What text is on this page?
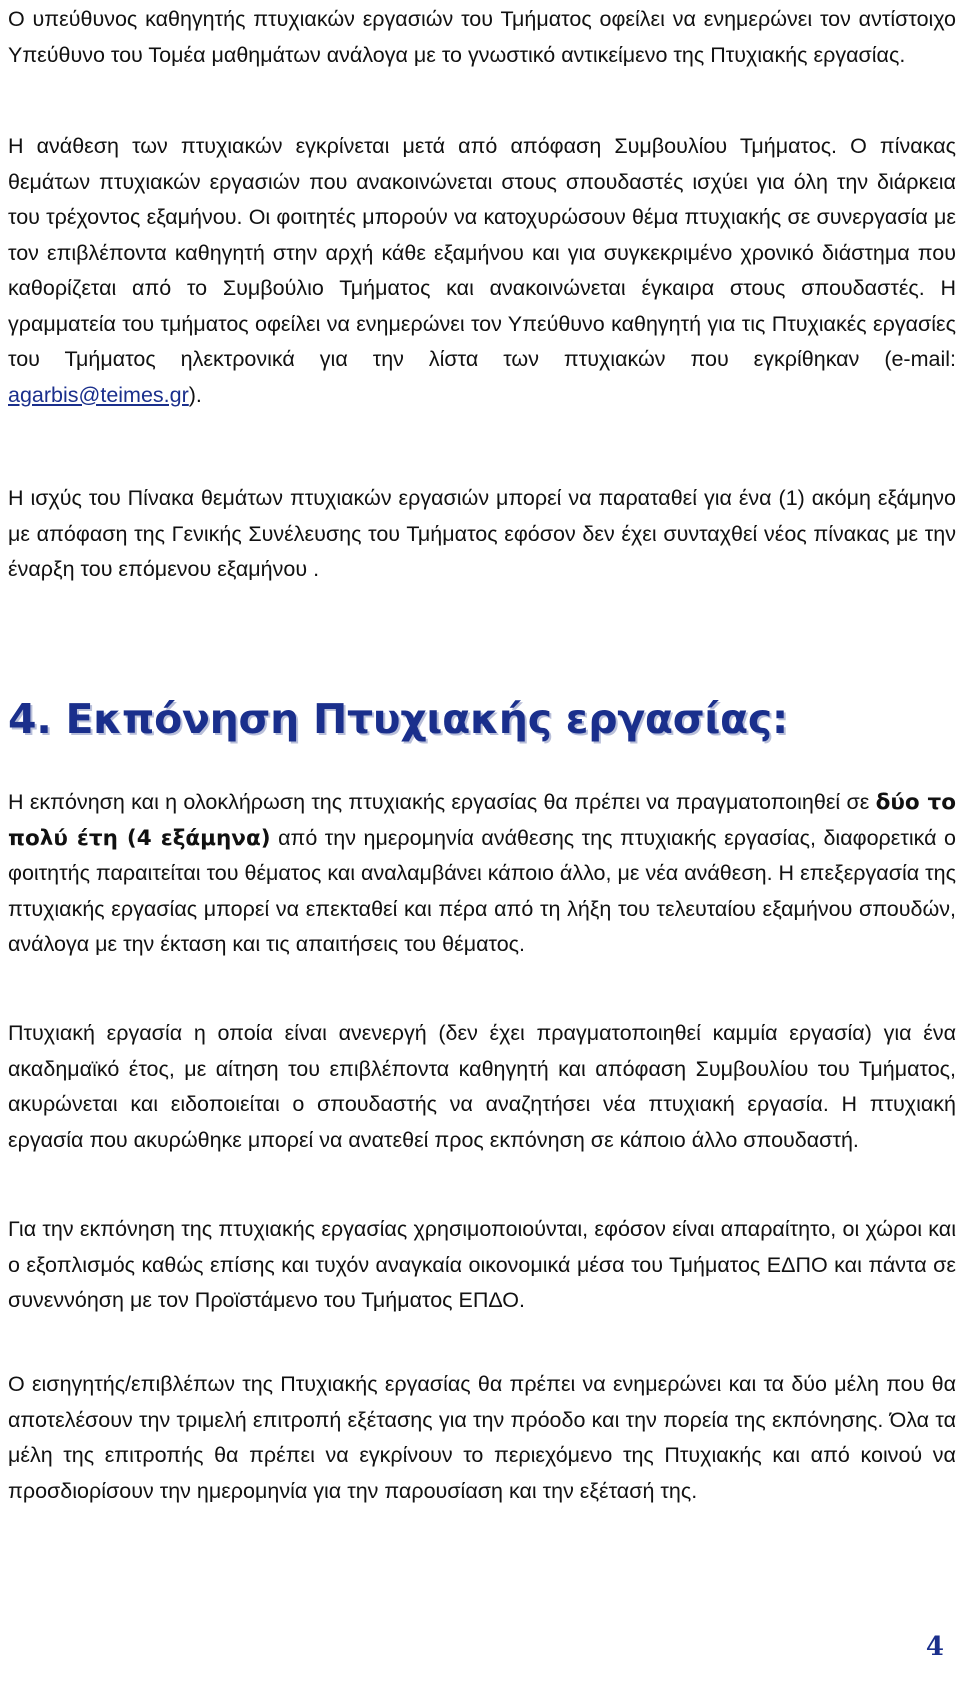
Ο υπεύθυνος καθηγητής πτυχιακών εργασιών του Τμήματος οφείλει να ενημερώνει τον αντίστοιχο Υπεύθυνο του Τομέα μαθημάτων ανάλογα με το γνωστικό αντικείμενο της Πτυχιακής εργασίας.

Η ανάθεση των πτυχιακών εγκρίνεται μετά από απόφαση Συμβουλίου Τμήματος. Ο πίνακας θεμάτων πτυχιακών εργασιών που ανακοινώνεται στους σπουδαστές ισχύει για όλη την διάρκεια του τρέχοντος εξαμήνου. Οι φοιτητές μπορούν να κατοχυρώσουν θέμα πτυχιακής σε συνεργασία με τον επιβλέποντα καθηγητή στην αρχή κάθε εξαμήνου και για συγκεκριμένο χρονικό διάστημα που καθορίζεται από το Συμβούλιο Τμήματος και ανακοινώνεται έγκαιρα στους σπουδαστές. Η γραμματεία του τμήματος οφείλει να ενημερώνει τον Υπεύθυνο καθηγητή για τις Πτυχιακές εργασίες του Τμήματος ηλεκτρονικά για την λίστα των πτυχιακών που εγκρίθηκαν (e-mail: agarbis@teimes.gr).

Η ισχύς του Πίνακα θεμάτων πτυχιακών εργασιών μπορεί να παραταθεί για ένα (1) ακόμη εξάμηνο με απόφαση της Γενικής Συνέλευσης του Τμήματος εφόσον δεν έχει συνταχθεί νέος πίνακας με την έναρξη του επόμενου εξαμήνου .

4. Εκπόνηση Πτυχιακής εργασίας:

Η εκπόνηση και η ολοκλήρωση της πτυχιακής εργασίας θα πρέπει να πραγματοποιηθεί σε δύο το πολύ έτη (4 εξάμηνα) από την ημερομηνία ανάθεσης της πτυχιακής εργασίας, διαφορετικά ο φοιτητής παραιτείται του θέματος και αναλαμβάνει κάποιο άλλο, με νέα ανάθεση. Η επεξεργασία της πτυχιακής εργασίας μπορεί να επεκταθεί και πέρα από τη λήξη του τελευταίου εξαμήνου σπουδών, ανάλογα με την έκταση και τις απαιτήσεις του θέματος.

Πτυχιακή εργασία η οποία είναι ανενεργή (δεν έχει πραγματοποιηθεί καμμία εργασία) για ένα ακαδημαϊκό έτος, με αίτηση του επιβλέποντα καθηγητή και απόφαση Συμβουλίου του Τμήματος, ακυρώνεται και ειδοποιείται ο σπουδαστής να αναζητήσει νέα πτυχιακή εργασία. Η πτυχιακή εργασία που ακυρώθηκε μπορεί να ανατεθεί προς εκπόνηση σε κάποιο άλλο σπουδαστή.

Για την εκπόνηση της πτυχιακής εργασίας χρησιμοποιούνται, εφόσον είναι απαραίτητο, οι χώροι και ο εξοπλισμός καθώς επίσης και τυχόν αναγκαία οικονομικά μέσα του Τμήματος ΕΔΠΟ και πάντα σε συνεννόηση με τον Προϊστάμενο του Τμήματος ΕΠΔΟ.

Ο εισηγητής/επιβλέπων της Πτυχιακής εργασίας θα πρέπει να ενημερώνει και τα δύο μέλη που θα αποτελέσουν την τριμελή επιτροπή εξέτασης για την πρόοδο και την πορεία της εκπόνησης. Όλα τα μέλη της επιτροπής θα πρέπει να εγκρίνουν το περιεχόμενο της Πτυχιακής και από κοινού να προσδιορίσουν την ημερομηνία για την παρουσίαση και την εξέτασή της.

4
